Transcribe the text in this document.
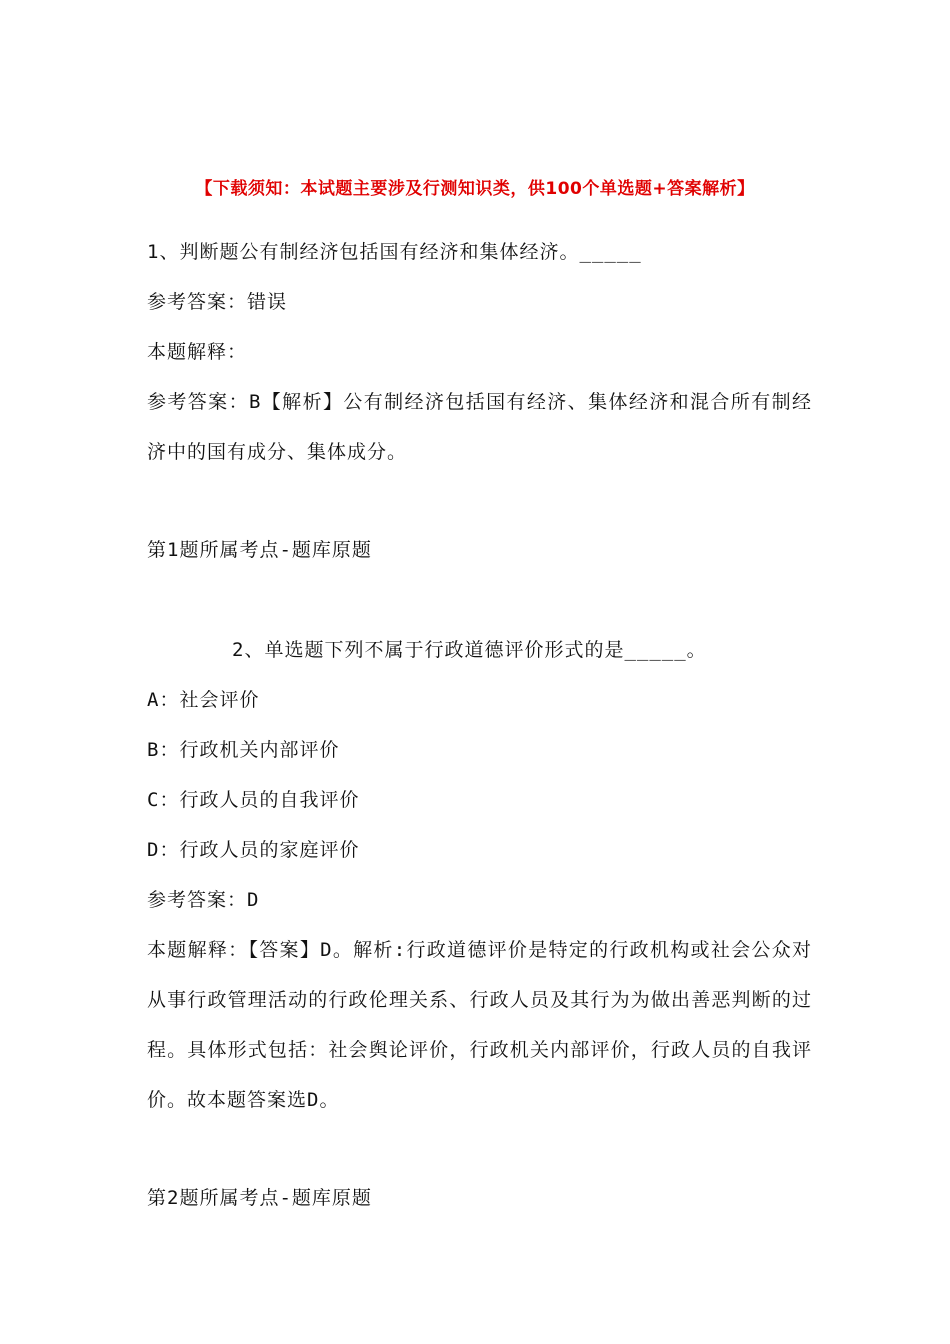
【下载须知：本试题主要涉及行测知识类，供100个单选题+答案解析】
1、判断题公有制经济包括国有经济和集体经济。_____
参考答案：错误
本题解释：
参考答案：B【解析】公有制经济包括国有经济、集体经济和混合所有制经济中的国有成分、集体成分。
第1题所属考点-题库原题
2、单选题下列不属于行政道德评价形式的是_____。
A：社会评价
B：行政机关内部评价
C：行政人员的自我评价
D：行政人员的家庭评价
参考答案：D
本题解释：【答案】D。解析:行政道德评价是特定的行政机构或社会公众对从事行政管理活动的行政伦理关系、行政人员及其行为为做出善恶判断的过程。具体形式包括：社会舆论评价，行政机关内部评价，行政人员的自我评价。故本题答案选D。
第2题所属考点-题库原题
